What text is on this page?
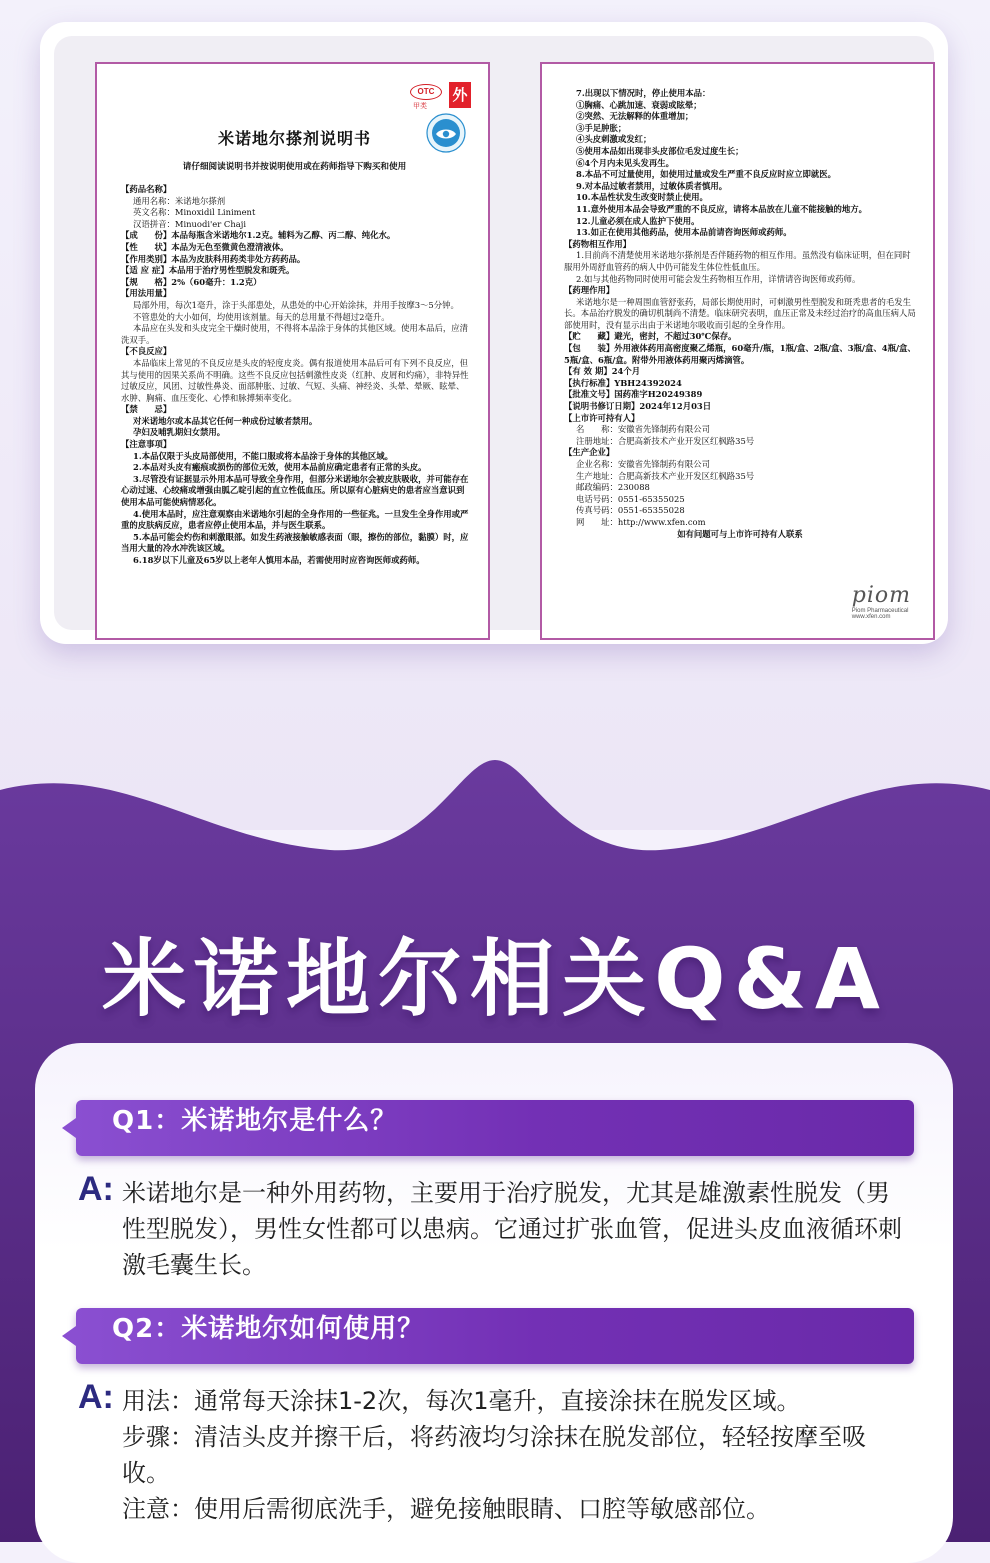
OTC
甲类
外
米诺地尔搽剂说明书
请仔细阅读说明书并按说明使用或在药师指导下购买和使用

【药品名称】

通用名称：米诺地尔搽剂

英文名称：Minoxidil Liniment

汉语拼音：Minuodi'er Chaji

【成　　份】本品每瓶含米诺地尔1.2克。辅料为乙醇、丙二醇、纯化水。

【性　　状】本品为无色至微黄色澄清液体。

【作用类别】本品为皮肤科用药类非处方药药品。

【适 应 症】本品用于治疗男性型脱发和斑秃。

【规　　格】2%（60毫升：1.2克）

【用法用量】

局部外用，每次1毫升，涂于头部患处，从患处的中心开始涂抹，并用手按摩3～5分钟。

不管患处的大小如何，均使用该剂量。每天的总用量不得超过2毫升。

本品应在头发和头皮完全干燥时使用，不得将本品涂于身体的其他区域。使用本品后，应清洗双手。

【不良反应】

本品临床上常见的不良反应是头皮的轻度皮炎。偶有报道使用本品后可有下列不良反应，但其与使用的因果关系尚不明确。这些不良反应包括刺激性皮炎（红肿、皮屑和灼痛），非特异性过敏反应，风团、过敏性鼻炎、面部肿胀、过敏、气短、头痛、神经炎、头晕、晕厥、眩晕、水肿、胸痛、血压变化、心悸和脉搏频率变化。

【禁　　忌】

对米诺地尔或本品其它任何一种成份过敏者禁用。

孕妇及哺乳期妇女禁用。

【注意事项】

1.本品仅限于头皮局部使用，不能口服或将本品涂于身体的其他区域。

2.本品对头皮有瘢痕或损伤的部位无效，使用本品前应确定患者有正常的头皮。

3.尽管没有证据显示外用本品可导致全身作用，但部分米诺地尔会被皮肤吸收，并可能存在心动过速、心绞痛或增强由胍乙啶引起的直立性低血压。所以原有心脏病史的患者应当意识到使用本品可能使病情恶化。

4.使用本品时，应注意观察由米诺地尔引起的全身作用的一些征兆。一旦发生全身作用或严重的皮肤病反应，患者应停止使用本品，并与医生联系。

5.本品可能会灼伤和刺激眼部。如发生药液接触敏感表面（眼，擦伤的部位，黏膜）时，应当用大量的冷水冲洗该区域。

6.18岁以下儿童及65岁以上老年人慎用本品，若需使用时应咨询医师或药师。

7.出现以下情况时，停止使用本品：

①胸痛、心跳加速、衰弱或眩晕；

②突然、无法解释的体重增加；

③手足肿胀；

④头皮刺激或发红；

⑤使用本品如出现非头皮部位毛发过度生长；

⑥4个月内未见头发再生。

8.本品不可过量使用，如使用过量或发生严重不良反应时应立即就医。

9.对本品过敏者禁用，过敏体质者慎用。

10.本品性状发生改变时禁止使用。

11.意外使用本品会导致严重的不良反应，请将本品放在儿童不能接触的地方。

12.儿童必须在成人监护下使用。

13.如正在使用其他药品，使用本品前请咨询医师或药师。

【药物相互作用】

1.目前尚不清楚使用米诺地尔搽剂是否伴随药物的相互作用。虽然没有临床证明，但在同时服用外周舒血管药的病人中仍可能发生体位性低血压。

2.如与其他药物同时使用可能会发生药物相互作用，详情请咨询医师或药师。

【药理作用】

米诺地尔是一种周围血管舒张药，局部长期使用时，可刺激男性型脱发和斑秃患者的毛发生长。本品治疗脱发的确切机制尚不清楚。临床研究表明，血压正常及未经过治疗的高血压病人局部使用时，没有显示出由于米诺地尔吸收而引起的全身作用。

【贮　　藏】避光，密封，不超过30℃保存。

【包　　装】外用液体药用高密度聚乙烯瓶，60毫升/瓶，1瓶/盒、2瓶/盒、3瓶/盒、4瓶/盒、5瓶/盒、6瓶/盒。附带外用液体药用聚丙烯滴管。

【有 效 期】24个月

【执行标准】YBH24392024

【批准文号】国药准字H20249389

【说明书修订日期】2024年12月03日

【上市许可持有人】

名　　称：安徽省先锋制药有限公司

注册地址：合肥高新技术产业开发区红枫路35号

【生产企业】

企业名称：安徽省先锋制药有限公司

生产地址：合肥高新技术产业开发区红枫路35号

邮政编码：230088

电话号码：0551-65355025

传真号码：0551-65355028

网　　址：http://www.xfen.com

如有问题可与上市许可持有人联系

piom
Piom Pharmaceutical
www.xfen.com
米诺地尔相关Q&A
Q1：米诺地尔是什么？
A: 米诺地尔是一种外用药物，主要用于治疗脱发，尤其是雄激素性脱发（男性型脱发），男性女性都可以患病。它通过扩张血管，促进头皮血液循环刺激毛囊生长。

Q2：米诺地尔如何使用？
A: 用法：通常每天涂抹1-2次，每次1毫升，直接涂抹在脱发区域。

步骤：清洁头皮并擦干后，将药液均匀涂抹在脱发部位，轻轻按摩至吸收。

注意：使用后需彻底洗手，避免接触眼睛、口腔等敏感部位。
